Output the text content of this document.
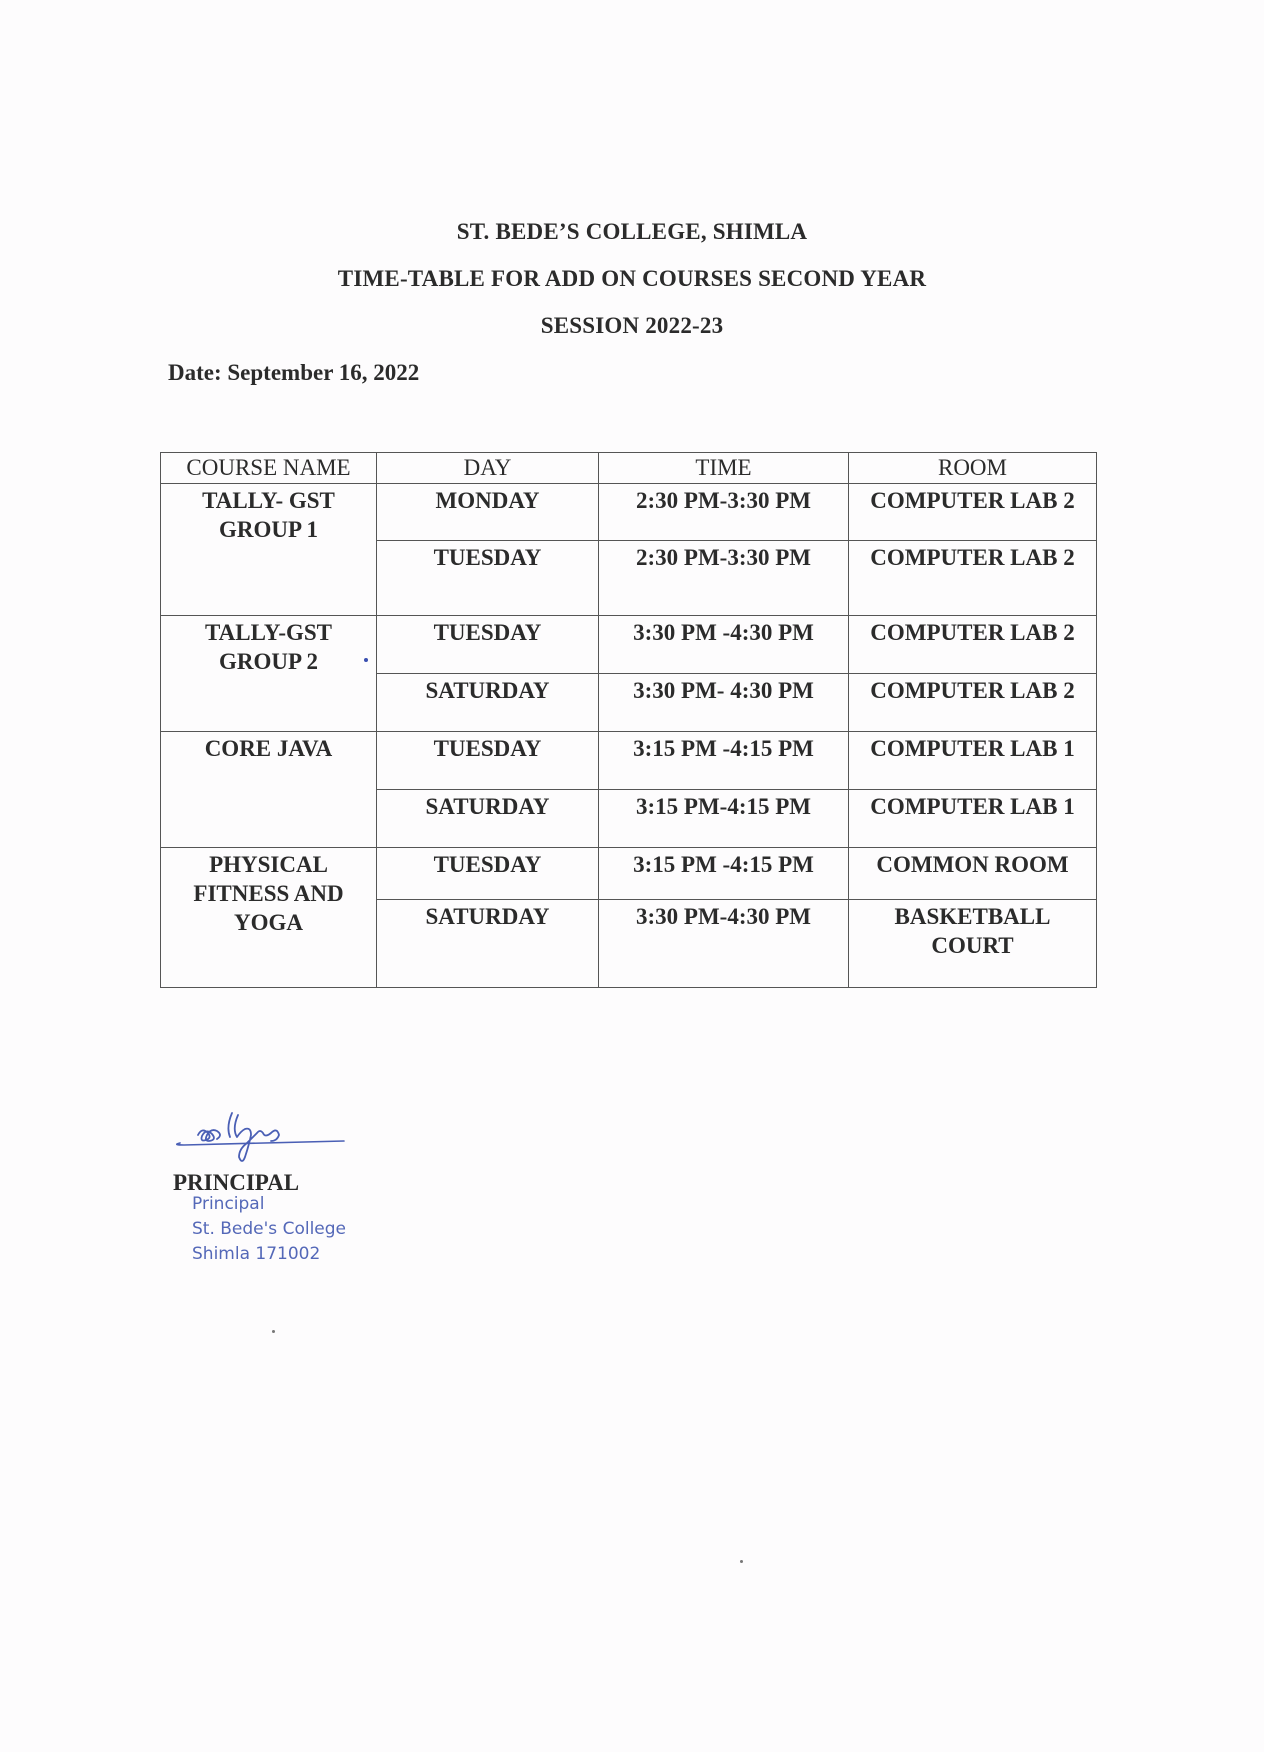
ST. BEDE’S COLLEGE, SHIMLA
TIME-TABLE FOR ADD ON COURSES SECOND YEAR
SESSION 2022-23
Date: September 16, 2022
COURSE NAME	DAY	TIME	ROOM
TALLY- GST GROUP 1	MONDAY	2:30 PM-3:30 PM	COMPUTER LAB 2
	TUESDAY	2:30 PM-3:30 PM	COMPUTER LAB 2
TALLY-GST GROUP 2	TUESDAY	3:30 PM -4:30 PM	COMPUTER LAB 2
	SATURDAY	3:30 PM- 4:30 PM	COMPUTER LAB 2
CORE JAVA	TUESDAY	3:15 PM -4:15 PM	COMPUTER LAB 1
	SATURDAY	3:15 PM-4:15 PM	COMPUTER LAB 1
PHYSICAL FITNESS AND YOGA	TUESDAY	3:15 PM -4:15 PM	COMMON ROOM
	SATURDAY	3:30 PM-4:30 PM	BASKETBALL COURT
PRINCIPAL
Principal
St. Bede's College
Shimla 171002
